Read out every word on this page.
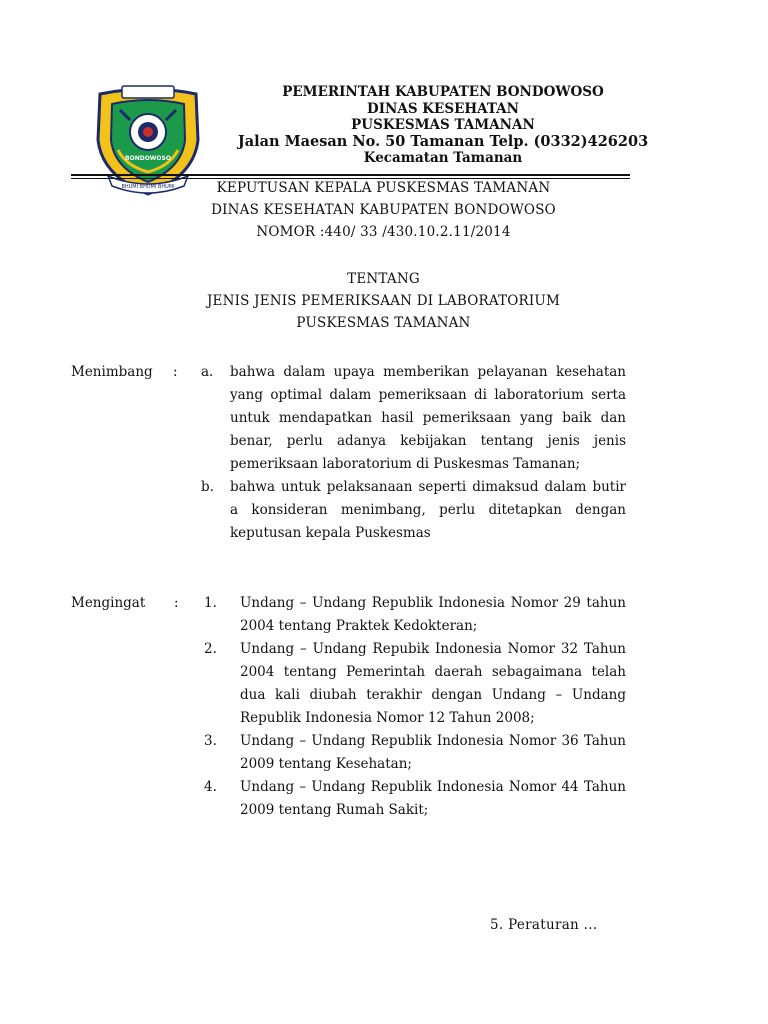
BONDOWOSO
BHUMI BHUMI BHUMI
PEMERINTAH KABUPATEN BONDOWOSO
DINAS KESEHATAN
PUSKESMAS TAMANAN
Jalan Maesan No. 50 Tamanan Telp. (0332)426203
Kecamatan Tamanan
KEPUTUSAN KEPALA PUSKESMAS TAMANAN
DINAS KESEHATAN KABUPATEN BONDOWOSO
NOMOR :440/ 33 /430.10.2.11/2014
TENTANG
JENIS JENIS PEMERIKSAAN DI LABORATORIUM
PUSKESMAS TAMANAN
Menimbang : a. bahwa dalam upaya memberikan pelayanan kesehatan yang optimal dalam pemeriksaan di laboratorium serta untuk mendapatkan hasil pemeriksaan yang baik dan benar, perlu adanya kebijakan tentang jenis jenis pemeriksaan laboratorium di Puskesmas Tamanan;
b. bahwa untuk pelaksanaan seperti dimaksud dalam butir a konsideran menimbang, perlu ditetapkan dengan keputusan kepala Puskesmas
Mengingat : 1. Undang – Undang Republik Indonesia Nomor 29 tahun 2004 tentang Praktek Kedokteran;
2. Undang – Undang Repubik Indonesia Nomor 32 Tahun 2004 tentang Pemerintah daerah sebagaimana telah dua kali diubah terakhir dengan Undang – Undang Republik Indonesia Nomor 12 Tahun 2008;
3. Undang – Undang Republik Indonesia Nomor 36 Tahun 2009 tentang Kesehatan;
4. Undang – Undang Republik Indonesia Nomor 44 Tahun 2009 tentang Rumah Sakit;
5. Peraturan ...
